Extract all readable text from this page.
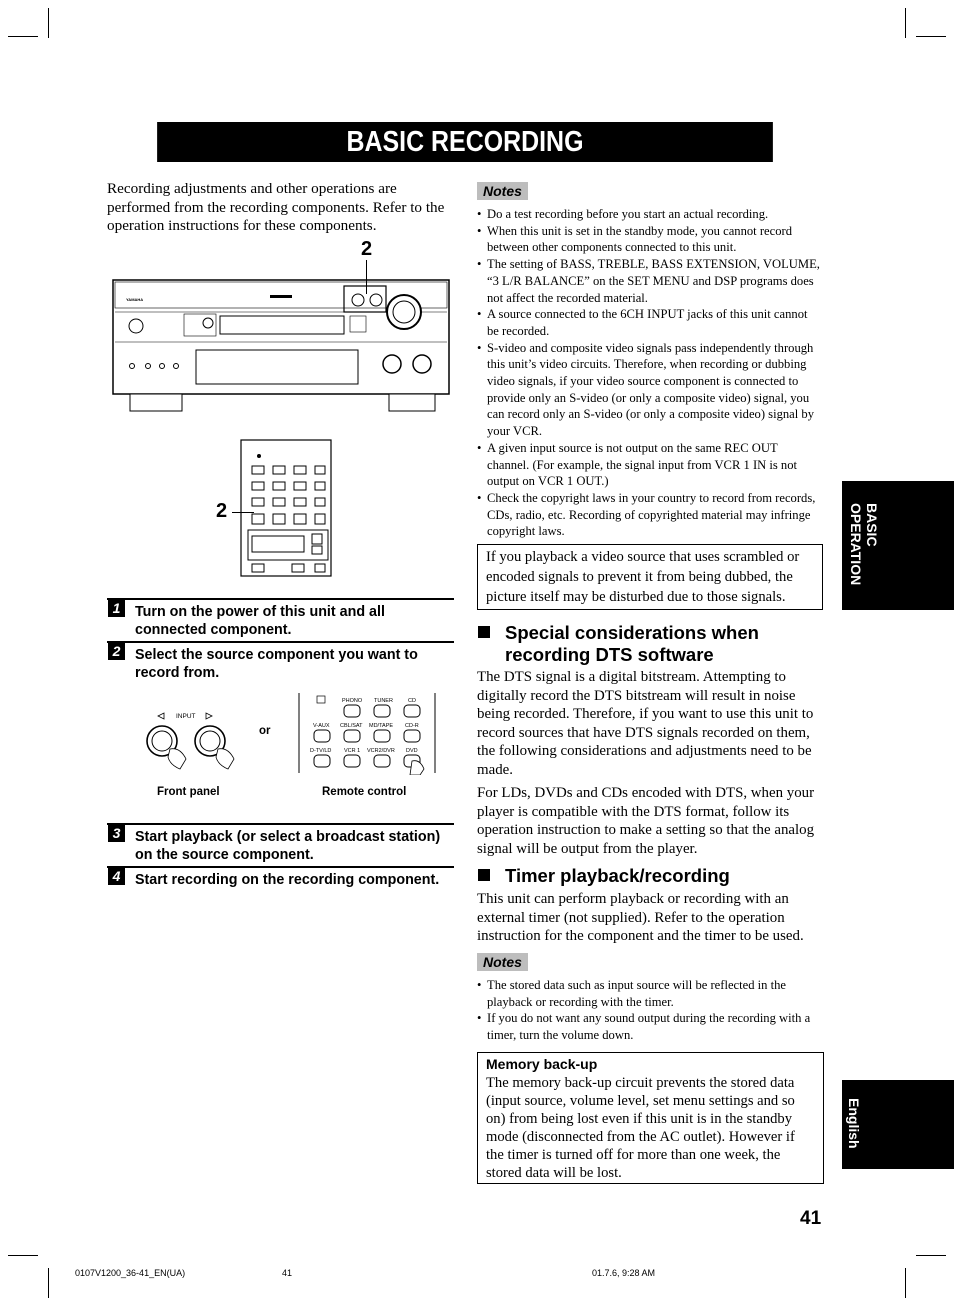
BASIC RECORDING
Recording adjustments and other operations are performed from the recording components. Refer to the operation instructions for these components.
YAMAHA
2
2
1	Turn on the power of this unit and all connected component.
2	Select the source component you want to record from.
INPUT
or
PHONO TUNER	CD
V-AUX CBL/SAT MD/TAPE CD-R
D-TV/LD VCR 1 VCR2/DVR DVD
Front panel	Remote control
3	Start playback (or select a broadcast station) on the source component.
4	Start recording on the recording component.
Notes
• Do a test recording before you start an actual recording.
• When this unit is set in the standby mode, you cannot record between other components connected to this unit.
• The setting of BASS, TREBLE, BASS EXTENSION, VOLUME, “3 L/R BALANCE” on the SET MENU and DSP programs does not affect the recorded material.
• A source connected to the 6CH INPUT jacks of this unit cannot be recorded.
• S-video and composite video signals pass independently through this unit’s video circuits. Therefore, when recording or dubbing video signals, if your video source component is connected to provide only an S-video (or only a composite video) signal, you can record only an S-video (or only a composite video) signal by your VCR.
• A given input source is not output on the same REC OUT channel. (For example, the signal input from VCR 1 IN is not output on VCR 1 OUT.)
• Check the copyright laws in your country to record from records, CDs, radio, etc. Recording of copyrighted material may infringe copyright laws.
If you playback a video source that uses scrambled or encoded signals to prevent it from being dubbed, the picture itself may be disturbed due to those signals.
Special considerations when recording DTS software
The DTS signal is a digital bitstream. Attempting to digitally record the DTS bitstream will result in noise being recorded. Therefore, if you want to use this unit to record sources that have DTS signals recorded on them, the following considerations and adjustments need to be made.
For LDs, DVDs and CDs encoded with DTS, when your player is compatible with the DTS format, follow its operation instruction to make a setting so that the analog signal will be output from the player.
Timer playback/recording
This unit can perform playback or recording with an external timer (not supplied). Refer to the operation instruction for the component and the timer to be used.
Notes
• The stored data such as input source will be reflected in the playback or recording with the timer.
• If you do not want any sound output during the recording with a timer, turn the volume down.
Memory back-up
The memory back-up circuit prevents the stored data (input source, volume level, set menu settings and so on) from being lost even if this unit is in the standby mode (disconnected from the AC outlet). However if the timer is turned off for more than one week, the stored data will be lost.
BASIC OPERATION
English
41
0107V1200_36-41_EN(UA)	41	01.7.6, 9:28 AM
